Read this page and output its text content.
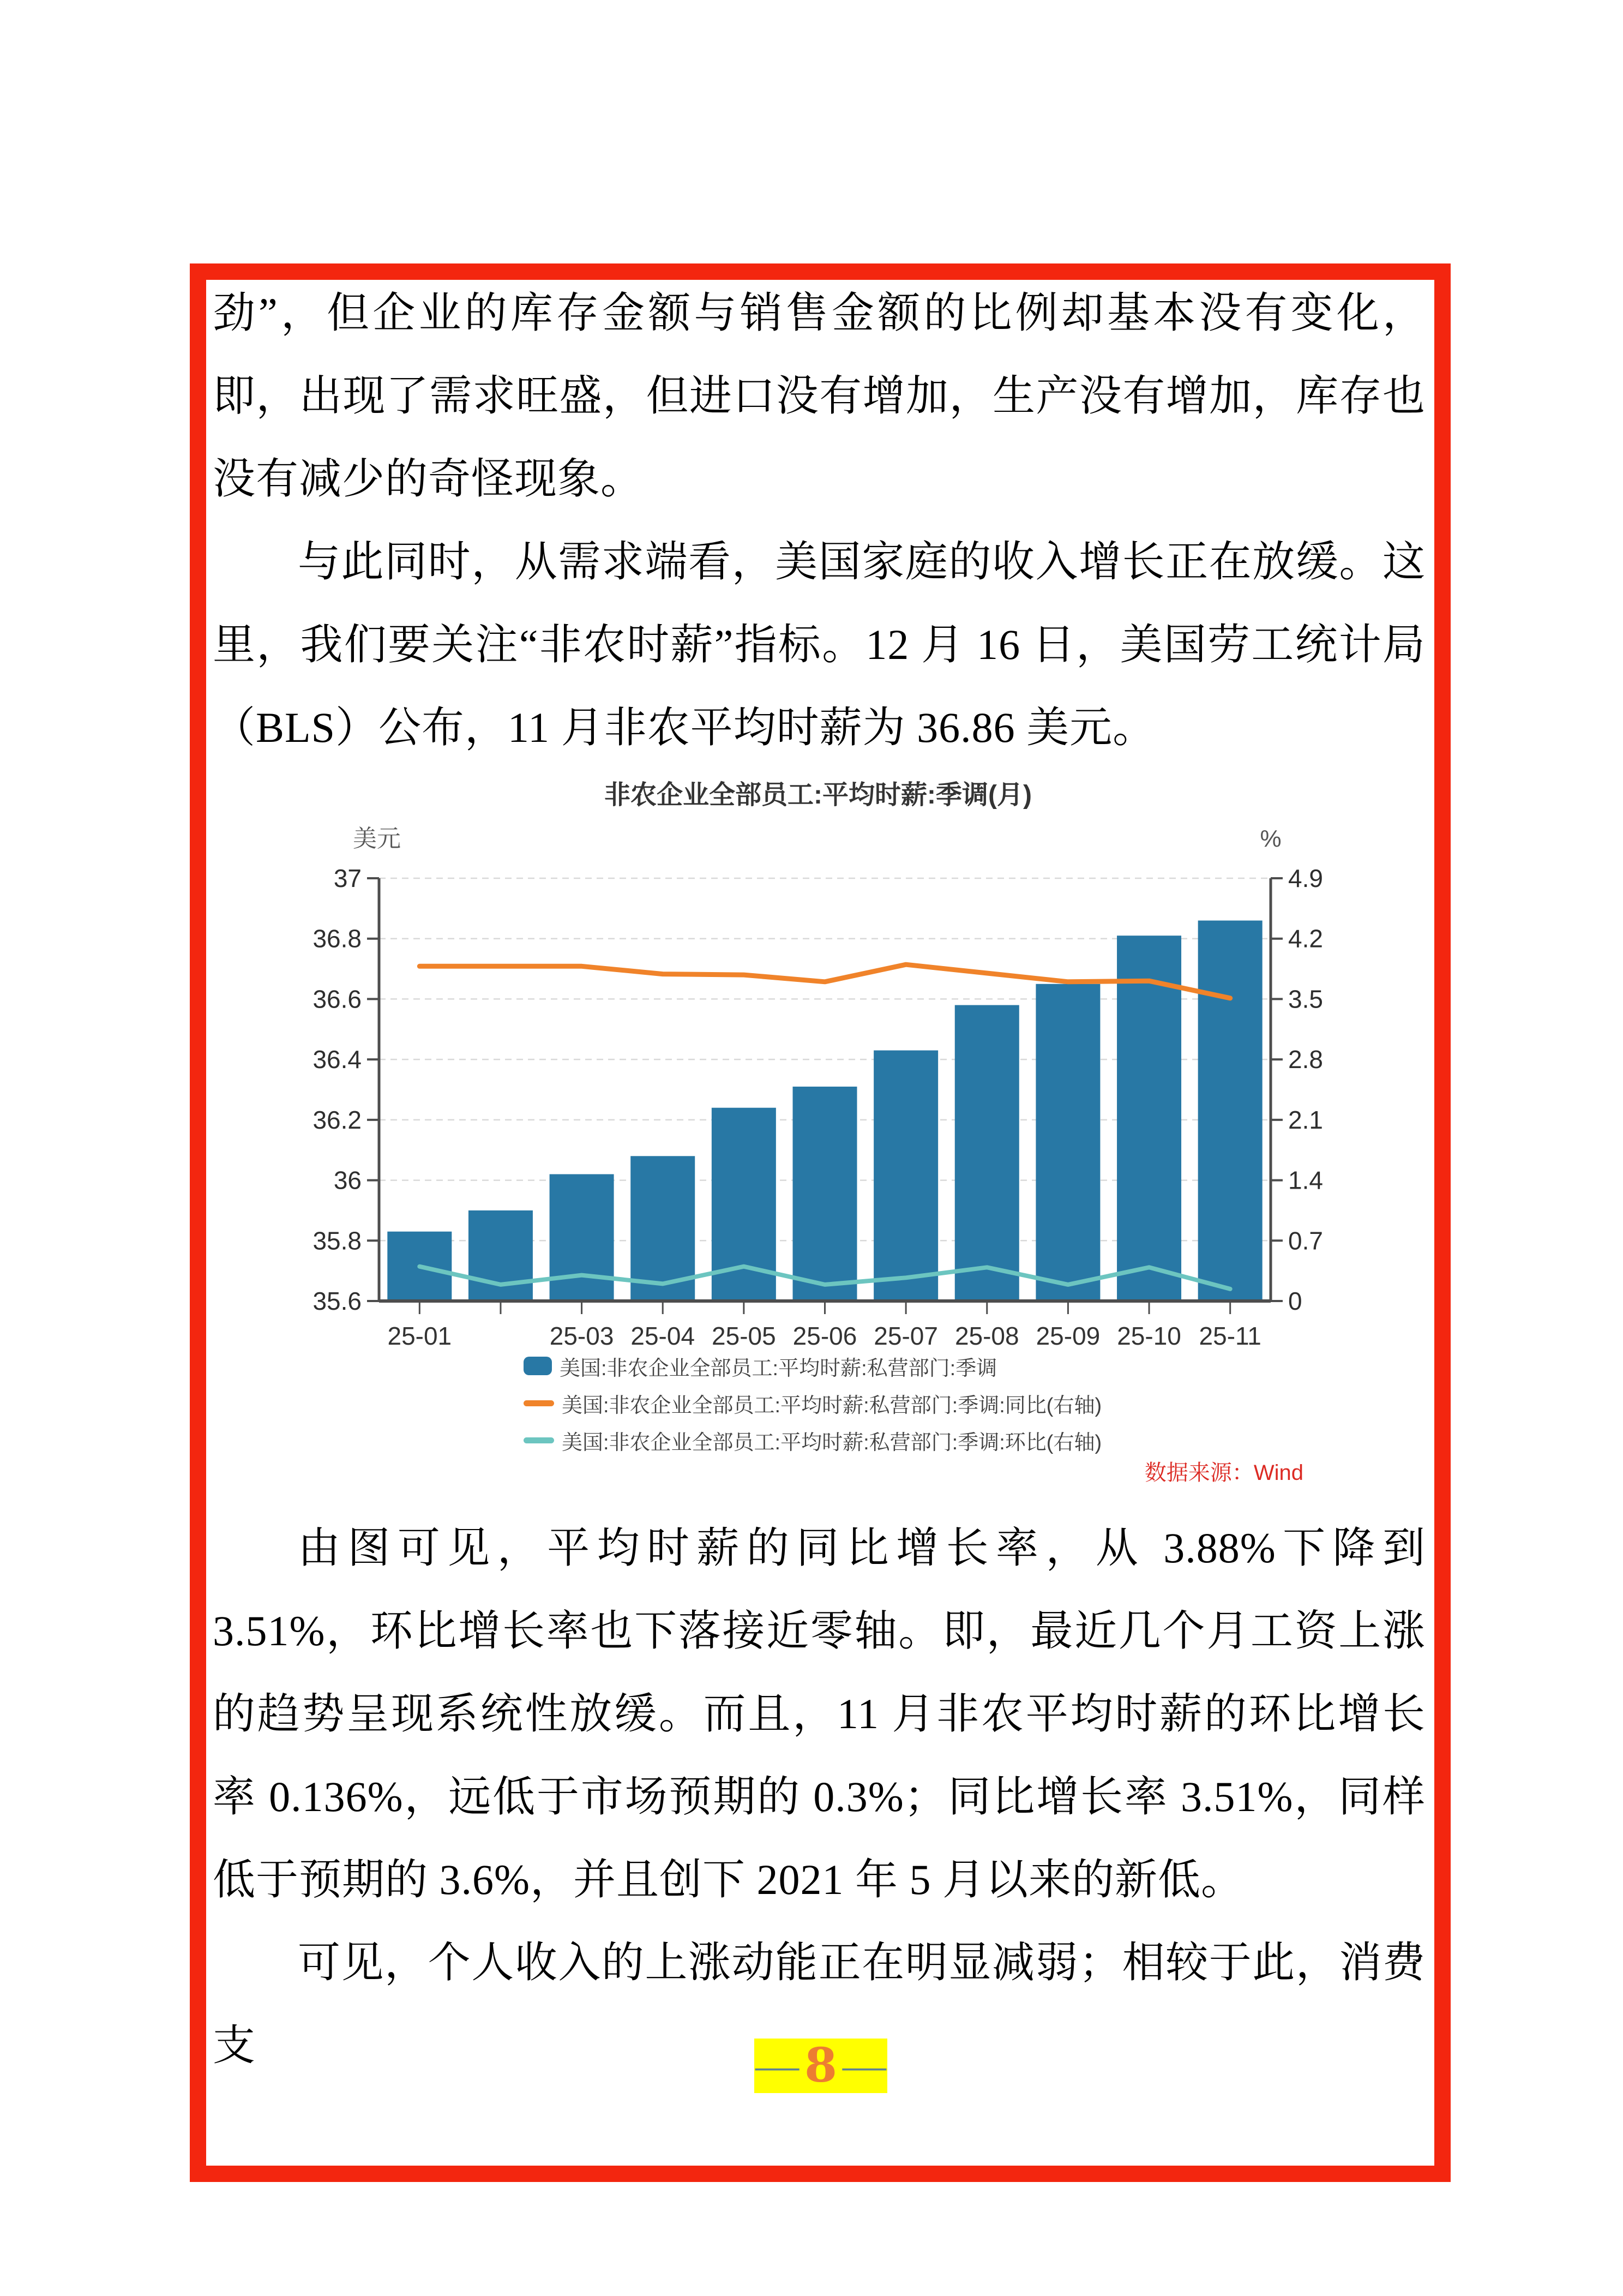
劲”，但企业的库存金额与销售金额的比例却基本没有变化，即，出现了需求旺盛，但进口没有增加，生产没有增加，库存也没有减少的奇怪现象。

与此同时，从需求端看，美国家庭的收入增长正在放缓。这里，我们要关注“非农时薪”指标。12 月 16 日，美国劳工统计局（BLS）公布，11 月非农平均时薪为 36.86 美元。

非农企业全部员工:平均时薪:季调(月)
37
36.8
36.6
36.4
36.2
36
35.8
35.6
4.9
4.2
3.5
2.8
2.1
1.4
0.7
0
25-01	25-03 25-04 25-05 25-06 25-07 25-08 25-09 25-10 25-11
美元	%
美国:非农企业全部员工:平均时薪:私营部门:季调
美国:非农企业全部员工:平均时薪:私营部门:季调:同比(右轴)
美国:非农企业全部员工:平均时薪:私营部门:季调:环比(右轴)
数据来源：Wind

由图可见，平均时薪的同比增长率，从 3.88%下降到 3.51%，环比增长率也下落接近零轴。即，最近几个月工资上涨的趋势呈现系统性放缓。而且，11 月非农平均时薪的环比增长率 0.136%，远低于市场预期的 0.3%；同比增长率 3.51%，同样低于预期的 3.6%，并且创下 2021 年 5 月以来的新低。

可见，个人收入的上涨动能正在明显减弱；相较于此，消费支	— 8 —
